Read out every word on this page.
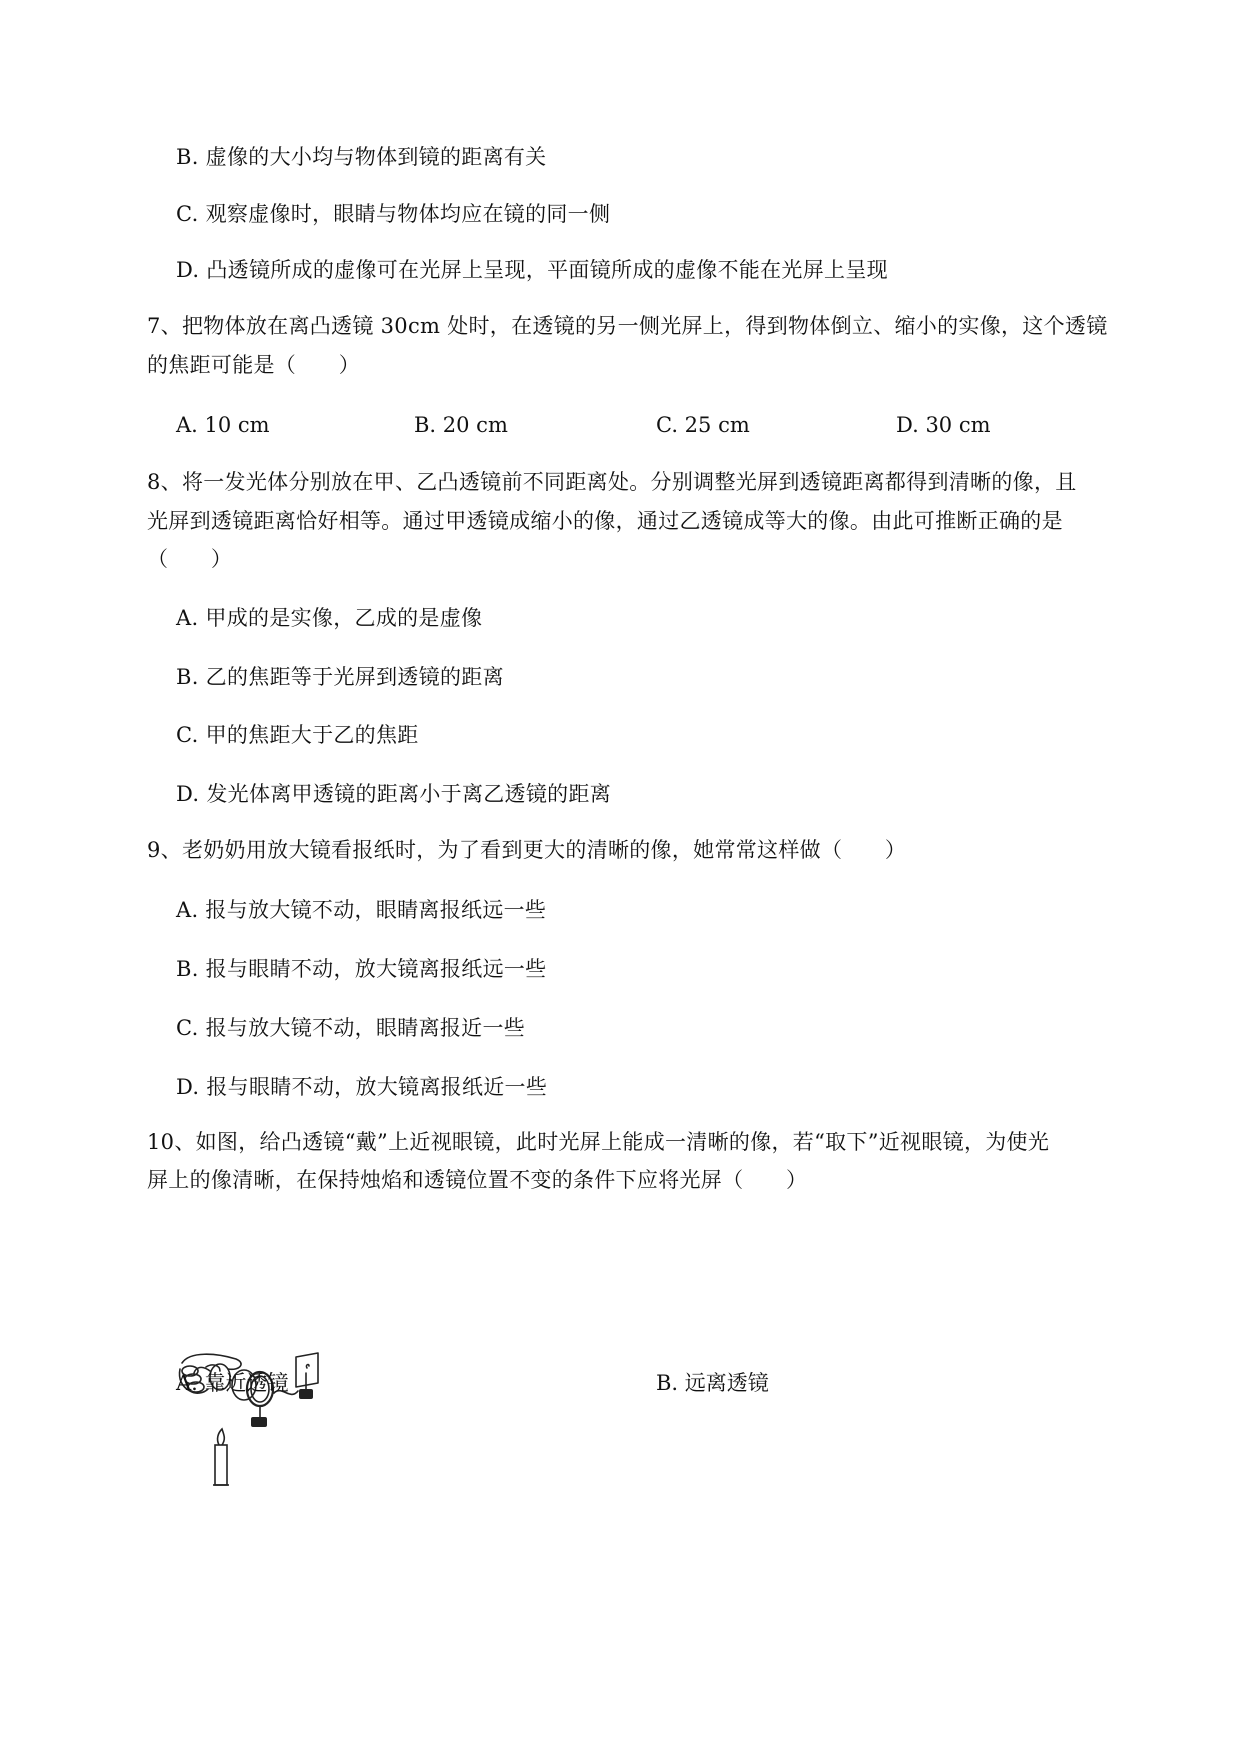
B. 虚像的大小均与物体到镜的距离有关
C. 观察虚像时，眼睛与物体均应在镜的同一侧
D. 凸透镜所成的虚像可在光屏上呈现，平面镜所成的虚像不能在光屏上呈现
7、把物体放在离凸透镜 30cm 处时，在透镜的另一侧光屏上，得到物体倒立、缩小的实像，这个透镜
的焦距可能是（　　）
A. 10 cm	B. 20 cm	C. 25 cm	D. 30 cm
8、将一发光体分别放在甲、乙凸透镜前不同距离处。分别调整光屏到透镜距离都得到清晰的像，且
光屏到透镜距离恰好相等。通过甲透镜成缩小的像，通过乙透镜成等大的像。由此可推断正确的是
（　　）
A. 甲成的是实像，乙成的是虚像
B. 乙的焦距等于光屏到透镜的距离
C. 甲的焦距大于乙的焦距
D. 发光体离甲透镜的距离小于离乙透镜的距离
9、老奶奶用放大镜看报纸时，为了看到更大的清晰的像，她常常这样做（　　）
A. 报与放大镜不动，眼睛离报纸远一些
B. 报与眼睛不动，放大镜离报纸远一些
C. 报与放大镜不动，眼睛离报近一些
D. 报与眼睛不动，放大镜离报纸近一些
10、如图，给凸透镜“戴”上近视眼镜，此时光屏上能成一清晰的像，若“取下”近视眼镜，为使光
屏上的像清晰，在保持烛焰和透镜位置不变的条件下应将光屏（　　）
A. 靠近透镜	B. 远离透镜
